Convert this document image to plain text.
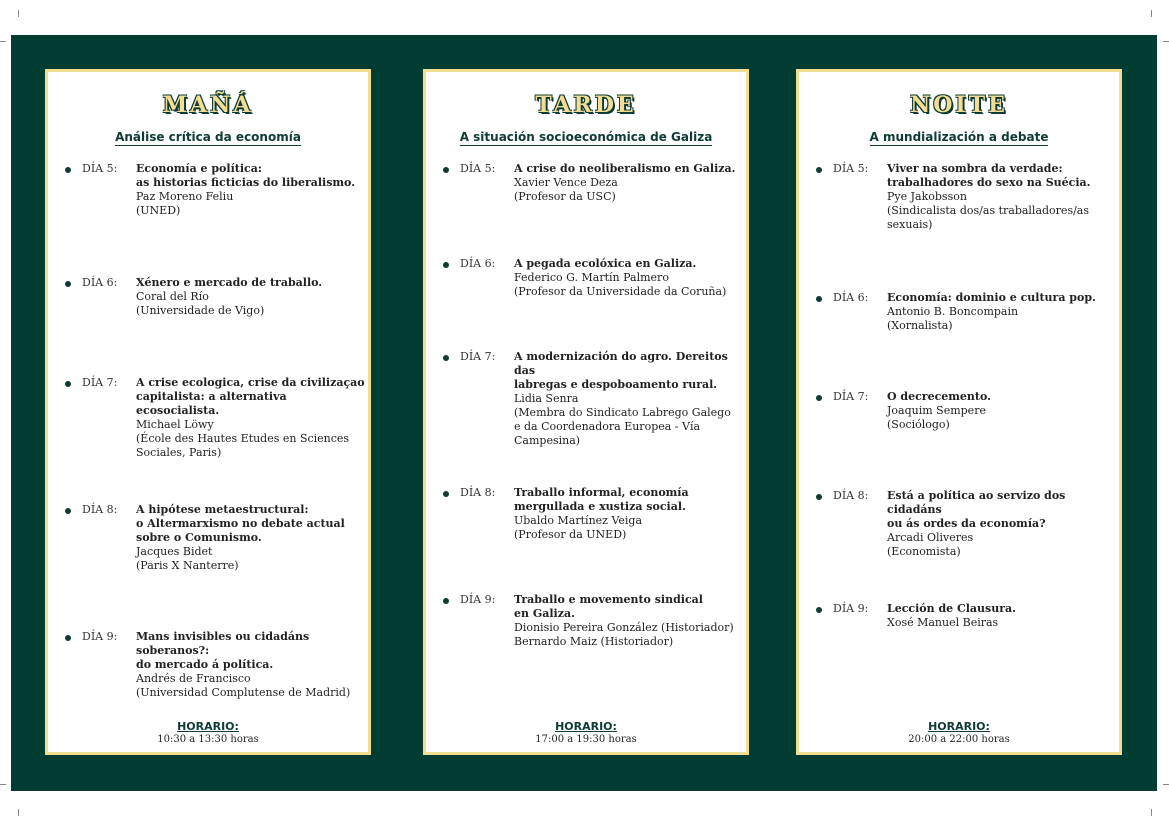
MAÑÁ
Análise crítica da economía
DÍA 5: Economía e política:
as historias ficticias do liberalismo.
Paz Moreno Feliu
(UNED)
DÍA 6: Xénero e mercado de traballo.
Coral del Río
(Universidade de Vigo)
DÍA 7: A crise ecologica, crise da civilizaçao
capitalista: a alternativa ecosocialista.
Michael Löwy
(École des Hautes Etudes en Sciences
Sociales, Paris)
DÍA 8: A hipótese metaestructural:
o Altermarxismo no debate actual
sobre o Comunismo.
Jacques Bidet
(Paris X Nanterre)
DÍA 9: Mans invisibles ou cidadáns soberanos?:
do mercado á política.
Andrés de Francisco
(Universidad Complutense de Madrid)
HORARIO:
10:30 a 13:30 horas
TARDE
A situación socioeconómica de Galiza
DÍA 5: A crise do neoliberalismo en Galiza.
Xavier Vence Deza
(Profesor da USC)
DÍA 6: A pegada ecolóxica en Galiza.
Federico G. Martín Palmero
(Profesor da Universidade da Coruña)
DÍA 7: A modernización do agro. Dereitos das
labregas e despoboamento rural.
Lidia Senra
(Membra do Sindicato Labrego Galego
e da Coordenadora Europea - Vía
Campesina)
DÍA 8: Traballo informal, economía
mergullada e xustiza social.
Ubaldo Martínez Veiga
(Profesor da UNED)
DÍA 9: Traballo e movemento sindical
en Galiza.
Dionisio Pereira González (Historiador)
Bernardo Maiz (Historiador)
HORARIO:
17:00 a 19:30 horas
NOITE
A mundialización a debate
DÍA 5: Viver na sombra da verdade:
trabalhadores do sexo na Suécia.
Pye Jakobsson
(Sindicalista dos/as traballadores/as
sexuais)
DÍA 6: Economía: dominio e cultura pop.
Antonio B. Boncompain
(Xornalista)
DÍA 7: O decrecemento.
Joaquim Sempere
(Sociólogo)
DÍA 8: Está a política ao servizo dos cidadáns
ou ás ordes da economía?
Arcadi Oliveres
(Economista)
DÍA 9: Lección de Clausura.
Xosé Manuel Beiras
HORARIO:
20:00 a 22:00 horas
